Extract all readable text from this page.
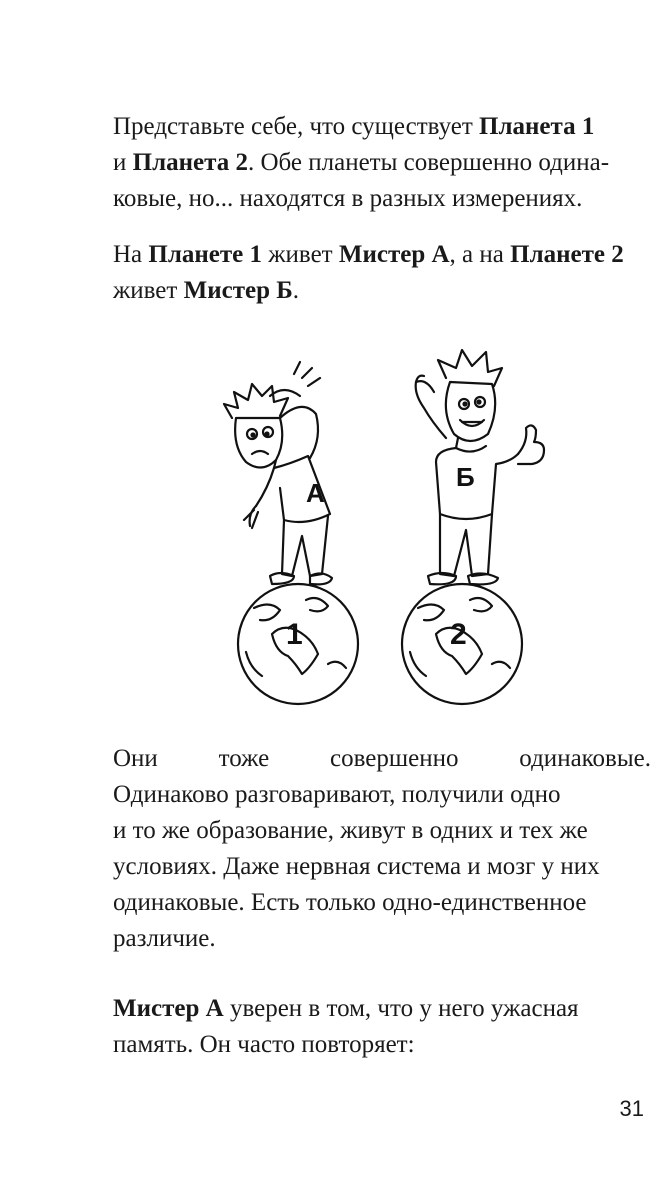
Представьте себе, что существует Планета 1
и Планета 2. Обе планеты совершенно одина-
ковые, но... находятся в разных измерениях.

На Планете 1 живет Мистер А, а на Планете 2
живет Мистер Б.

А
Б
1	2

Они тоже совершенно одинаковые.
Одинаково разговаривают, получили одно
и то же образование, живут в одних и тех же
условиях. Даже нервная система и мозг у них
одинаковые. Есть только одно-единственное
различие.

Мистер А уверен в том, что у него ужасная
память. Он часто повторяет:

31
